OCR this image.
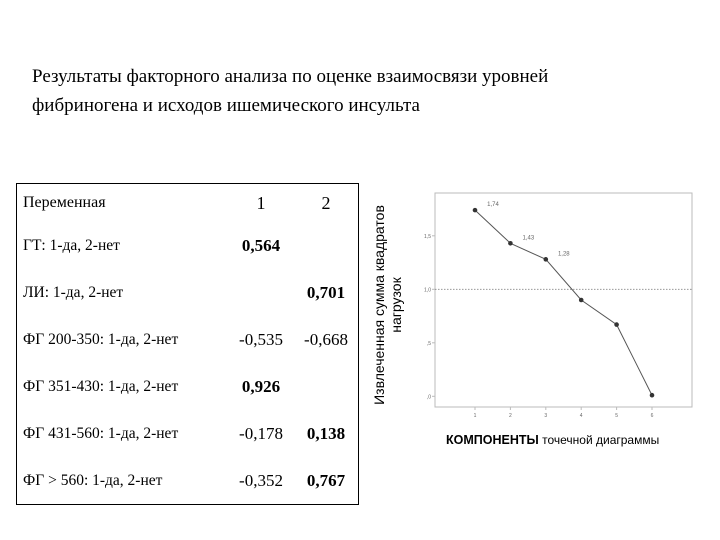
Результаты факторного анализа по оценке взаимосвязи уровней
фибриногена и исходов ишемического инсульта
Переменная	1	2
ГТ: 1-да, 2-нет	0,564	
ЛИ: 1-да, 2-нет		0,701
ФГ 200-350: 1-да, 2-нет	-0,535	-0,668
ФГ 351-430: 1-да, 2-нет	0,926	
ФГ 431-560: 1-да, 2-нет	-0,178	0,138
ФГ > 560: 1-да, 2-нет	-0,352	0,767
Извлеченная сумма квадратов нагрузок
1,5
1,0
,5
,0
1,74
1,43
1,28
1	2	3	4	5	6
КОМПОНЕНТЫ точечной диаграммы
